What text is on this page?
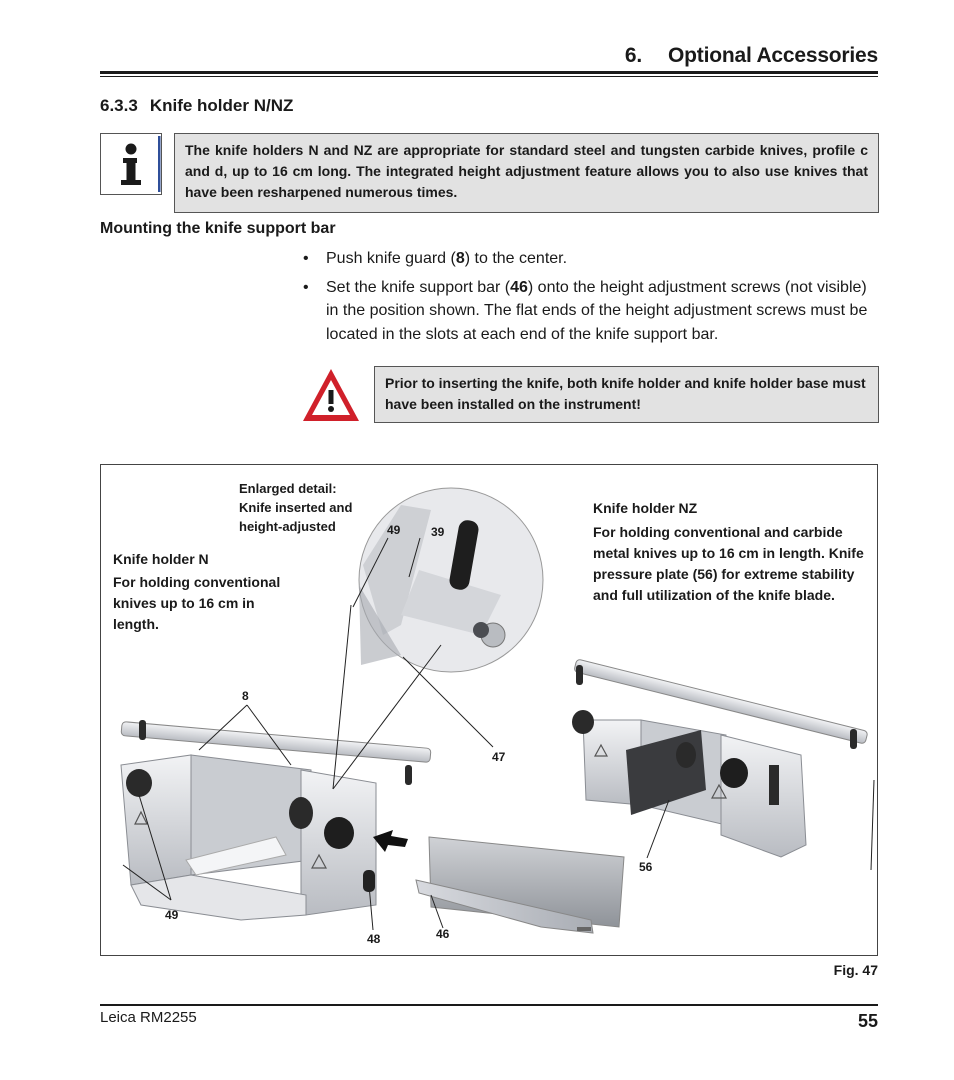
6. Optional Accessories
6.3.3 Knife holder N/NZ
The knife holders N and NZ are appropriate for standard steel and tungsten carbide knives, profile c and d, up to 16 cm long. The integrated height adjustment feature allows you to also use knives that have been resharpened numerous times.
Mounting the knife support bar
• Push knife guard (8) to the center.
• Set the knife support bar (46) onto the height adjustment screws (not visible) in the position shown. The flat ends of the height adjustment screws must be located in the slots at each end of the knife support bar.
Prior to inserting the knife, both knife holder and knife holder base must have been installed on the instrument!
Enlarged detail:
Knife inserted and
height-adjusted
Knife holder N
For holding conventional knives up to 16 cm in length.
Knife holder NZ
For holding conventional and carbide metal knives up to 16 cm in length. Knife pressure plate (56) for extreme stability and full utilization of the knife blade.
49	39
8
47
49
48	46
56
Fig. 47
Leica RM2255	55
